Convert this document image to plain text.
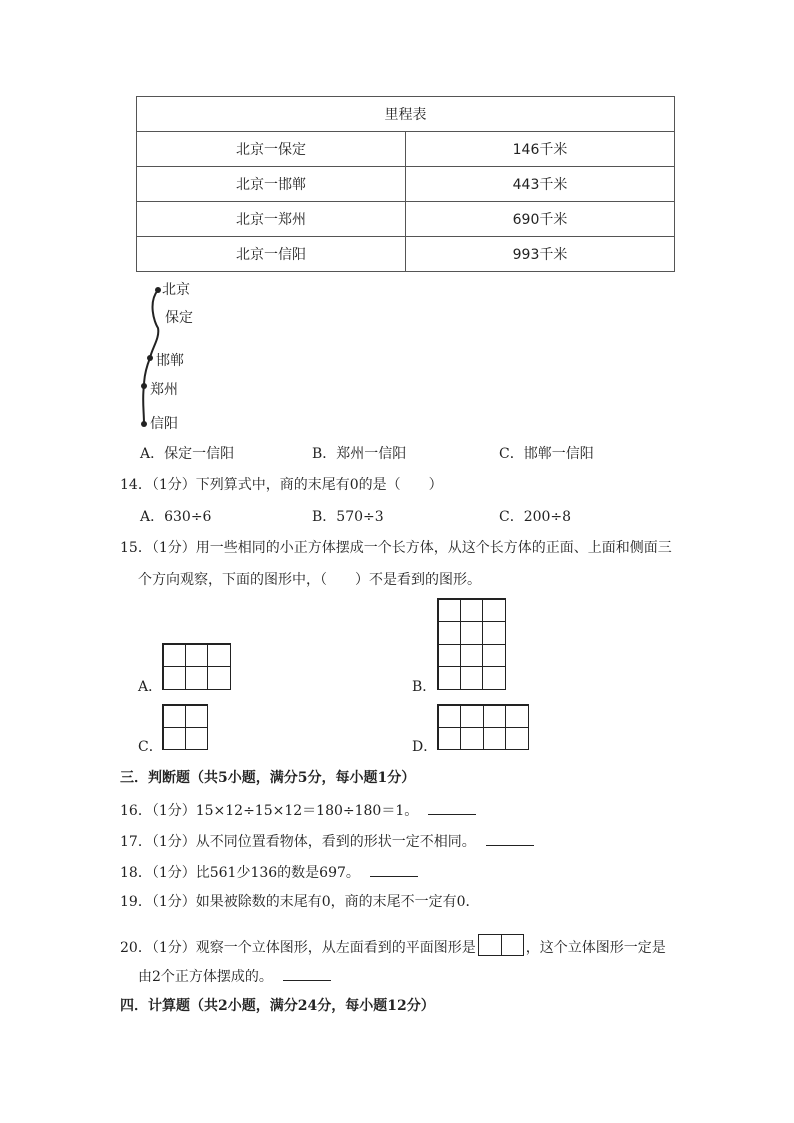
里程表	
北京一保定	146千米
北京一邯郸	443千米
北京一郑州	690千米
北京一信阳	993千米
北京
保定
邯郸
郑州
信阳
A．保定一信阳	B．郑州一信阳	C．邯郸一信阳
14．（1分）下列算式中，商的末尾有0的是（　　）
A．630÷6	B．570÷3	C．200÷8
15．（1分）用一些相同的小正方体摆成一个长方体，从这个长方体的正面、上面和侧面三
个方向观察，下面的图形中，（　　）不是看到的图形。
A．	B．
C．	D．
三．判断题（共5小题，满分5分，每小题1分）
16．（1分）15×12÷15×12＝180÷180＝1。
17．（1分）从不同位置看物体，看到的形状一定不相同。
18．（1分）比561少136的数是697。
19．（1分）如果被除数的末尾有0，商的末尾不一定有0．
20．（1分）观察一个立体图形，从左面看到的平面图形是	，这个立体图形一定是
由2个正方体摆成的。
四．计算题（共2小题，满分24分，每小题12分）
